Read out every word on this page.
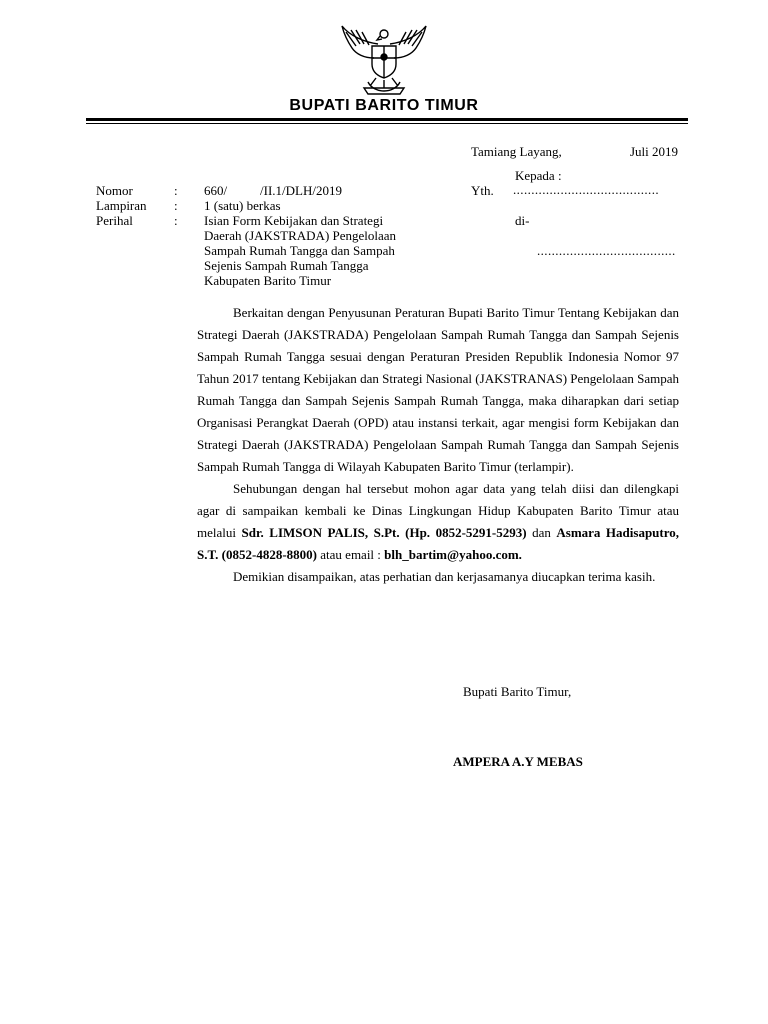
BUPATI BARITO TIMUR
Tamiang Layang,	Juli 2019
Kepada :
Yth. ........................................
di-
......................................
Nomor
Lampiran
Perihal
:
:
:
660/	/II.1/DLH/2019
1 (satu) berkas
Isian Form Kebijakan dan Strategi
Daerah (JAKSTRADA) Pengelolaan
Sampah Rumah Tangga dan Sampah
Sejenis Sampah Rumah Tangga
Kabupaten Barito Timur

Berkaitan dengan Penyusunan Peraturan Bupati Barito Timur Tentang Kebijakan dan Strategi Daerah (JAKSTRADA) Pengelolaan Sampah Rumah Tangga dan Sampah Sejenis Sampah Rumah Tangga sesuai dengan Peraturan Presiden Republik Indonesia Nomor 97 Tahun 2017 tentang Kebijakan dan Strategi Nasional (JAKSTRANAS) Pengelolaan Sampah Rumah Tangga dan Sampah Sejenis Sampah Rumah Tangga, maka diharapkan dari setiap Organisasi Perangkat Daerah (OPD) atau instansi terkait, agar mengisi form Kebijakan dan Strategi Daerah (JAKSTRADA) Pengelolaan Sampah Rumah Tangga dan Sampah Sejenis Sampah Rumah Tangga di Wilayah Kabupaten Barito Timur (terlampir).

Sehubungan dengan hal tersebut mohon agar data yang telah diisi dan dilengkapi agar di sampaikan kembali ke Dinas Lingkungan Hidup Kabupaten Barito Timur atau melalui Sdr. LIMSON PALIS, S.Pt. (Hp. 0852-5291-5293) dan Asmara Hadisaputro, S.T. (0852-4828-8800) atau email : blh_bartim@yahoo.com.

Demikian disampaikan, atas perhatian dan kerjasamanya diucapkan terima kasih.

Bupati Barito Timur,
AMPERA A.Y MEBAS
